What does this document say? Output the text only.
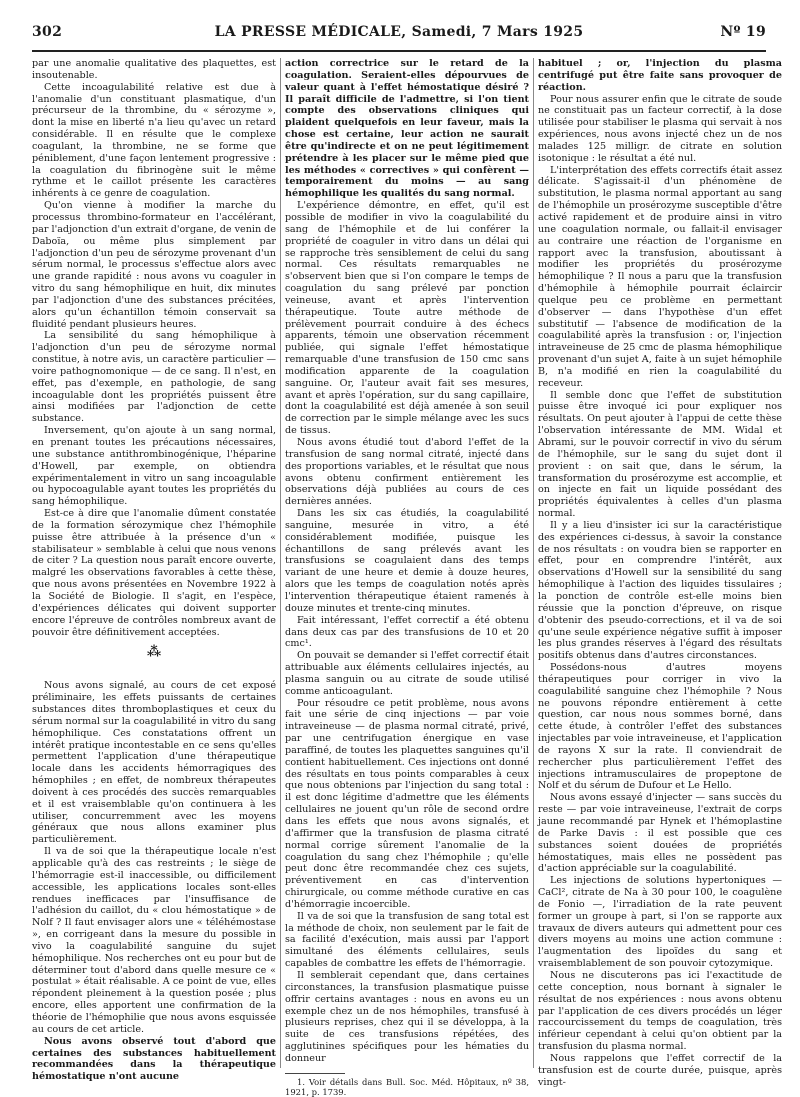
302	LA PRESSE MÉDICALE, Samedi, 7 Mars 1925	Nº 19

par une anomalie qualitative des plaquettes, est insoutenable.

Cette incoagulabilité relative est due à l'anomalie d'un constituant plasmatique, d'un précurseur de la thrombine, du « sérozyme », dont la mise en liberté n'a lieu qu'avec un retard considérable. Il en résulte que le complexe coagulant, la thrombine, ne se forme que péniblement, d'une façon lentement progressive : la coagulation du fibrinogène suit le même rythme et le caillot présente les caractères inhérents à ce genre de coagulation.

Qu'on vienne à modifier la marche du processus thrombino-formateur en l'accélérant, par l'adjonction d'un extrait d'organe, de venin de Daboïa, ou même plus simplement par l'adjonction d'un peu de sérozyme provenant d'un sérum normal, le processus s'effectue alors avec une grande rapidité : nous avons vu coaguler in vitro du sang hémophilique en huit, dix minutes par l'adjonction d'une des substances précitées, alors qu'un échantillon témoin conservait sa fluidité pendant plusieurs heures.

La sensibilité du sang hémophilique à l'adjonction d'un peu de sérozyme normal constitue, à notre avis, un caractère particulier — voire pathognomonique — de ce sang. Il n'est, en effet, pas d'exemple, en pathologie, de sang incoagulable dont les propriétés puissent être ainsi modifiées par l'adjonction de cette substance.

Inversement, qu'on ajoute à un sang normal, en prenant toutes les précautions nécessaires, une substance antithrombinogénique, l'héparine d'Howell, par exemple, on obtiendra expérimentalement in vitro un sang incoagulable ou hypocoagulable ayant toutes les propriétés du sang hémophilique.

Est-ce à dire que l'anomalie dûment constatée de la formation sérozymique chez l'hémophile puisse être attribuée à la présence d'un « stabilisateur » semblable à celui que nous venons de citer ? La question nous paraît encore ouverte, malgré les observations favorables à cette thèse, que nous avons présentées en Novembre 1922 à la Société de Biologie. Il s'agit, en l'espèce, d'expériences délicates qui doivent supporter encore l'épreuve de contrôles nombreux avant de pouvoir être définitivement acceptées.

⁂

Nous avons signalé, au cours de cet exposé préliminaire, les effets puissants de certaines substances dites thromboplastiques et ceux du sérum normal sur la coagulabilité in vitro du sang hémophilique. Ces constatations offrent un intérêt pratique incontestable en ce sens qu'elles permettent l'application d'une thérapeutique locale dans les accidents hémorragiques des hémophiles ; en effet, de nombreux thérapeutes doivent à ces procédés des succès remarquables et il est vraisemblable qu'on continuera à les utiliser, concurremment avec les moyens généraux que nous allons examiner plus particulièrement.

Il va de soi que la thérapeutique locale n'est applicable qu'à des cas restreints ; le siège de l'hémorragie est-il inaccessible, ou difficilement accessible, les applications locales sont-elles rendues inefficaces par l'insuffisance de l'adhésion du caillot, du « clou hémostatique » de Nolf ? Il faut envisager alors une « téléhémostase », en corrigeant dans la mesure du possible in vivo la coagulabilité sanguine du sujet hémophilique. Nos recherches ont eu pour but de déterminer tout d'abord dans quelle mesure ce « postulat » était réalisable. A ce point de vue, elles répondent pleinement à la question posée ; plus encore, elles apportent une confirmation de la théorie de l'hémophilie que nous avons esquissée au cours de cet article.

Nous avons observé tout d'abord que certaines des substances habituellement recommandées dans la thérapeutique hémostatique n'ont aucune

action correctrice sur le retard de la coagulation. Seraient-elles dépourvues de valeur quant à l'effet hémostatique désiré ? Il paraît difficile de l'admettre, si l'on tient compte des observations cliniques qui plaident quelquefois en leur faveur, mais la chose est certaine, leur action ne saurait être qu'indirecte et on ne peut légitimement prétendre à les placer sur le même pied que les méthodes « correctives » qui confèrent — temporairement du moins — au sang hémophilique les qualités du sang normal.

L'expérience démontre, en effet, qu'il est possible de modifier in vivo la coagulabilité du sang de l'hémophile et de lui conférer la propriété de coaguler in vitro dans un délai qui se rapproche très sensiblement de celui du sang normal. Ces résultats remarquables ne s'observent bien que si l'on compare le temps de coagulation du sang prélevé par ponction veineuse, avant et après l'intervention thérapeutique. Toute autre méthode de prélèvement pourrait conduire à des échecs apparents, témoin une observation récemment publiée, qui signale l'effet hémostatique remarquable d'une transfusion de 150 cmc sans modification apparente de la coagulation sanguine. Or, l'auteur avait fait ses mesures, avant et après l'opération, sur du sang capillaire, dont la coagulabilité est déjà amenée à son seuil de correction par le simple mélange avec les sucs de tissus.

Nous avons étudié tout d'abord l'effet de la transfusion de sang normal citraté, injecté dans des proportions variables, et le résultat que nous avons obtenu confirment entièrement les observations déjà publiées au cours de ces dernières années.

Dans les six cas étudiés, la coagulabilité sanguine, mesurée in vitro, a été considérablement modifiée, puisque les échantillons de sang prélevés avant les transfusions se coagulaient dans des temps variant de une heure et demie à douze heures, alors que les temps de coagulation notés après l'intervention thérapeutique étaient ramenés à douze minutes et trente-cinq minutes.

Fait intéressant, l'effet correctif a été obtenu dans deux cas par des transfusions de 10 et 20 cmc¹.

On pouvait se demander si l'effet correctif était attribuable aux éléments cellulaires injectés, au plasma sanguin ou au citrate de soude utilisé comme anticoagulant.

Pour résoudre ce petit problème, nous avons fait une série de cinq injections — par voie intraveineuse — de plasma normal citraté, privé, par une centrifugation énergique en vase paraffiné, de toutes les plaquettes sanguines qu'il contient habituellement. Ces injections ont donné des résultats en tous points comparables à ceux que nous obtenions par l'injection du sang total : il est donc légitime d'admettre que les éléments cellulaires ne jouent qu'un rôle de second ordre dans les effets que nous avons signalés, et d'affirmer que la transfusion de plasma citraté normal corrige sûrement l'anomalie de la coagulation du sang chez l'hémophile ; qu'elle peut donc être recommandée chez ces sujets, préventivement en cas d'intervention chirurgicale, ou comme méthode curative en cas d'hémorragie incoercible.

Il va de soi que la transfusion de sang total est la méthode de choix, non seulement par le fait de sa facilité d'exécution, mais aussi par l'apport simultané des éléments cellulaires, seuls capables de combattre les effets de l'hémorragie.

Il semblerait cependant que, dans certaines circonstances, la transfusion plasmatique puisse offrir certains avantages : nous en avons eu un exemple chez un de nos hémophiles, transfusé à plusieurs reprises, chez qui il se développa, à la suite de ces transfusions répétées, des agglutinines spécifiques pour les hématies du donneur

1. Voir détails dans Bull. Soc. Méd. Hôpitaux, nº 38, 1921, p. 1739.

habituel ; or, l'injection du plasma centrifugé put être faite sans provoquer de réaction.

Pour nous assurer enfin que le citrate de soude ne constituait pas un facteur correctif, à la dose utilisée pour stabiliser le plasma qui servait à nos expériences, nous avons injecté chez un de nos malades 125 milligr. de citrate en solution isotonique : le résultat a été nul.

L'interprétation des effets correctifs était assez délicate. S'agissait-il d'un phénomène de substitution, le plasma normal apportant au sang de l'hémophile un prosérozyme susceptible d'être activé rapidement et de produire ainsi in vitro une coagulation normale, ou fallait-il envisager au contraire une réaction de l'organisme en rapport avec la transfusion, aboutissant à modifier les propriétés du prosérozyme hémophilique ? Il nous a paru que la transfusion d'hémophile à hémophile pourrait éclaircir quelque peu ce problème en permettant d'observer — dans l'hypothèse d'un effet substitutif — l'absence de modification de la coagulabilité après la transfusion : or, l'injection intraveineuse de 25 cmc de plasma hémophilique provenant d'un sujet A, faite à un sujet hémophile B, n'a modifié en rien la coagulabilité du receveur.

Il semble donc que l'effet de substitution puisse être invoqué ici pour expliquer nos résultats. On peut ajouter à l'appui de cette thèse l'observation intéressante de MM. Widal et Abrami, sur le pouvoir correctif in vivo du sérum de l'hémophile, sur le sang du sujet dont il provient : on sait que, dans le sérum, la transformation du prosérozyme est accomplie, et on injecte en fait un liquide possédant des propriétés équivalentes à celles d'un plasma normal.

Il y a lieu d'insister ici sur la caractéristique des expériences ci-dessus, à savoir la constance de nos résultats : on voudra bien se rapporter en effet, pour en comprendre l'intérêt, aux observations d'Howell sur la sensibilité du sang hémophilique à l'action des liquides tissulaires ; la ponction de contrôle est-elle moins bien réussie que la ponction d'épreuve, on risque d'obtenir des pseudo-corrections, et il va de soi qu'une seule expérience négative suffit à imposer les plus grandes réserves à l'égard des résultats positifs obtenus dans d'autres circonstances.

Possédons-nous d'autres moyens thérapeutiques pour corriger in vivo la coagulabilité sanguine chez l'hémophile ? Nous ne pouvons répondre entièrement à cette question, car nous nous sommes borné, dans cette étude, à contrôler l'effet des substances injectables par voie intraveineuse, et l'application de rayons X sur la rate. Il conviendrait de rechercher plus particulièrement l'effet des injections intramusculaires de propeptone de Nolf et du sérum de Dufour et Le Hello.

Nous avons essayé d'injecter — sans succès du reste — par voie intraveineuse, l'extrait de corps jaune recommandé par Hynek et l'hémoplastine de Parke Davis : il est possible que ces substances soient douées de propriétés hémostatiques, mais elles ne possèdent pas d'action appréciable sur la coagulabilité.

Les injections de solutions hypertoniques — CaCl², citrate de Na à 30 pour 100, le coagulène de Fonio —, l'irradiation de la rate peuvent former un groupe à part, si l'on se rapporte aux travaux de divers auteurs qui admettent pour ces divers moyens au moins une action commune : l'augmentation des lipoïdes du sang et vraisemblablement de son pouvoir cytozymique.

Nous ne discuterons pas ici l'exactitude de cette conception, nous bornant à signaler le résultat de nos expériences : nous avons obtenu par l'application de ces divers procédés un léger raccourcissement du temps de coagulation, très inférieur cependant à celui qu'on obtient par la transfusion du plasma normal.

Nous rappelons que l'effet correctif de la transfusion est de courte durée, puisque, après vingt-
